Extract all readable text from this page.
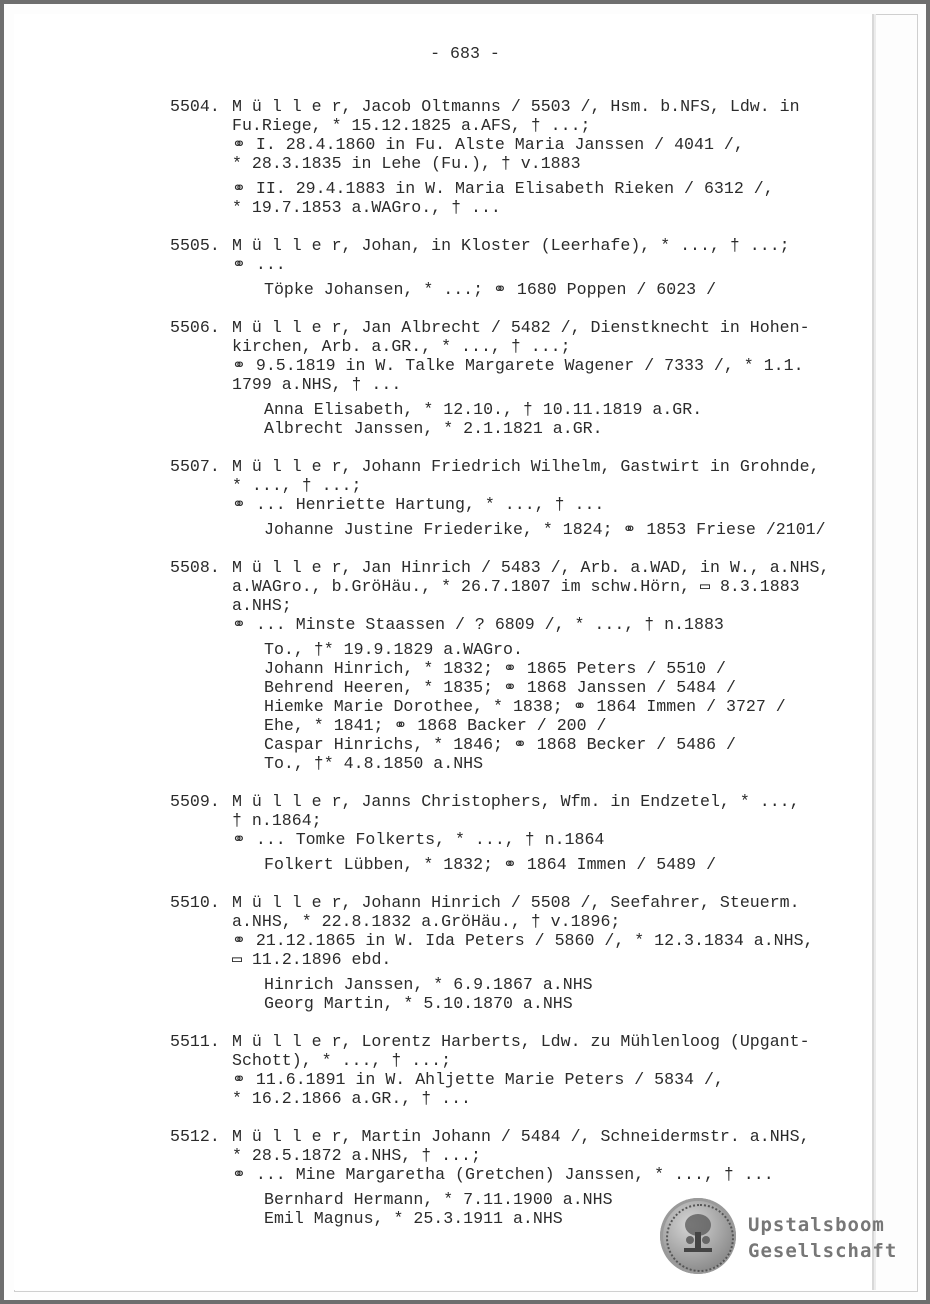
- 683 -
5504. M ü l l e r, Jacob Oltmanns / 5503 /, Hsm. b.NFS, Ldw. in
Fu.Riege, * 15.12.1825 a.AFS, † ...;
⚭ I. 28.4.1860 in Fu. Alste Maria Janssen / 4041 /,
* 28.3.1835 in Lehe (Fu.), † v.1883
⚭ II. 29.4.1883 in W. Maria Elisabeth Rieken / 6312 /,
* 19.7.1853 a.WAGro., † ...
5505. M ü l l e r, Johan, in Kloster (Leerhafe), * ..., † ...;
⚭ ...
Töpke Johansen, * ...; ⚭ 1680 Poppen / 6023 /
5506. M ü l l e r, Jan Albrecht / 5482 /, Dienstknecht in Hohen-
kirchen, Arb. a.GR., * ..., † ...;
⚭ 9.5.1819 in W. Talke Margarete Wagener / 7333 /, * 1.1.
1799 a.NHS, † ...
Anna Elisabeth, * 12.10., † 10.11.1819 a.GR.
Albrecht Janssen, * 2.1.1821 a.GR.
5507. M ü l l e r, Johann Friedrich Wilhelm, Gastwirt in Grohnde,
* ..., † ...;
⚭ ... Henriette Hartung, * ..., † ...
Johanne Justine Friederike, * 1824; ⚭ 1853 Friese /2101/
5508. M ü l l e r, Jan Hinrich / 5483 /, Arb. a.WAD, in W., a.NHS,
a.WAGro., b.GröHäu., * 26.7.1807 im schw.Hörn, ▭ 8.3.1883
a.NHS;
⚭ ... Minste Staassen / ? 6809 /, * ..., † n.1883
To., †* 19.9.1829 a.WAGro.
Johann Hinrich, * 1832; ⚭ 1865 Peters / 5510 /
Behrend Heeren, * 1835; ⚭ 1868 Janssen / 5484 /
Hiemke Marie Dorothee, * 1838; ⚭ 1864 Immen / 3727 /
Ehe, * 1841; ⚭ 1868 Backer / 200 /
Caspar Hinrichs, * 1846; ⚭ 1868 Becker / 5486 /
To., †* 4.8.1850 a.NHS
5509. M ü l l e r, Janns Christophers, Wfm. in Endzetel, * ...,
† n.1864;
⚭ ... Tomke Folkerts, * ..., † n.1864
Folkert Lübben, * 1832; ⚭ 1864 Immen / 5489 /
5510. M ü l l e r, Johann Hinrich / 5508 /, Seefahrer, Steuerm.
a.NHS, * 22.8.1832 a.GröHäu., † v.1896;
⚭ 21.12.1865 in W. Ida Peters / 5860 /, * 12.3.1834 a.NHS,
▭ 11.2.1896 ebd.
Hinrich Janssen, * 6.9.1867 a.NHS
Georg Martin, * 5.10.1870 a.NHS
5511. M ü l l e r, Lorentz Harberts, Ldw. zu Mühlenloog (Upgant-
Schott), * ..., † ...;
⚭ 11.6.1891 in W. Ahljette Marie Peters / 5834 /,
* 16.2.1866 a.GR., † ...
5512. M ü l l e r, Martin Johann / 5484 /, Schneidermstr. a.NHS,
* 28.5.1872 a.NHS, † ...;
⚭ ... Mine Margaretha (Gretchen) Janssen, * ..., † ...
Bernhard Hermann, * 7.11.1900 a.NHS
Emil Magnus, * 25.3.1911 a.NHS	Upstalsboom
Gesellschaft
